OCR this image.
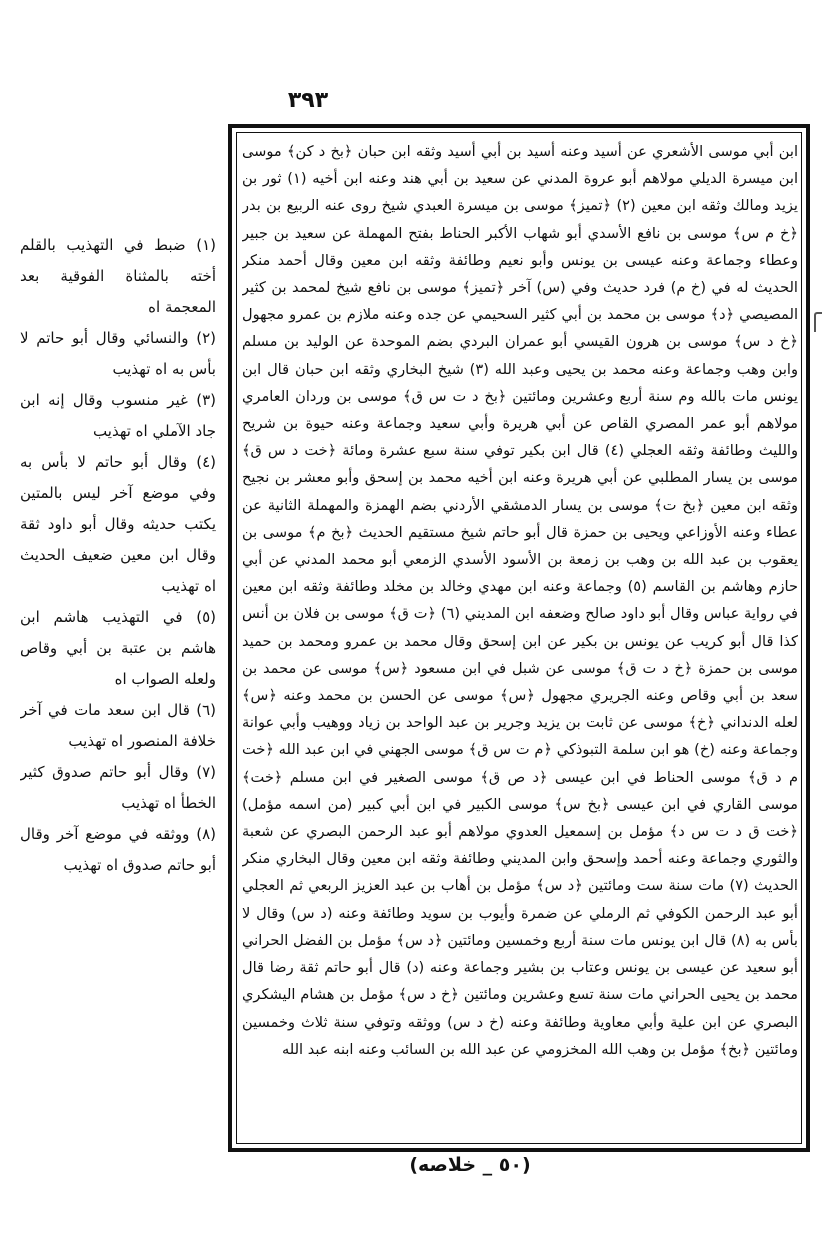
٣٩٣

(١) ضبط في التهذيب بالقلم أخته بالمثناة الفوقية بعد المعجمة اه

(٢) والنسائي وقال أبو حاتم لا بأس به اه تهذيب

(٣) غير منسوب وقال إنه ابن جاد الآملي اه تهذيب

(٤) وقال أبو حاتم لا بأس به وفي موضع آخر ليس بالمتين يكتب حديثه وقال أبو داود ثقة وقال ابن معين ضعيف الحديث اه تهذيب

(٥) في التهذيب هاشم ابن هاشم بن عتبة بن أبي وقاص ولعله الصواب اه

(٦) قال ابن سعد مات في آخر خلافة المنصور اه تهذيب

(٧) وقال أبو حاتم صدوق كثير الخطأ اه تهذيب

(٨) ووثقه في موضع آخر وقال أبو حاتم صدوق اه تهذيب

ابن أبي موسى الأشعري عن أسيد وعنه أسيد بن أبي أسيد وثقه ابن حبان ﴿بخ د كن﴾ موسى ابن ميسرة الديلي مولاهم أبو عروة المدني عن سعيد بن أبي هند وعنه ابن أخيه (١) ثور بن يزيد ومالك وثقه ابن معين (٢) ﴿تميز﴾ موسى بن ميسرة العبدي شيخ روى عنه الربيع بن بدر ﴿خ م س﴾ موسى بن نافع الأسدي أبو شهاب الأكبر الحناط بفتح المهملة عن سعيد بن جبير وعطاء وجماعة وعنه عيسى بن يونس وأبو نعيم وطائفة وثقه ابن معين وقال أحمد منكر الحديث له في (خ م) فرد حديث وفي (س) آخر ﴿تميز﴾ موسى بن نافع شيخ لمحمد بن كثير المصيصي ﴿د﴾ موسى بن محمد بن أبي كثير السحيمي عن جده وعنه ملازم بن عمرو مجهول ﴿خ د س﴾ موسى بن هرون القيسي أبو عمران البردي بضم الموحدة عن الوليد بن مسلم وابن وهب وجماعة وعنه محمد بن يحيى وعبد الله (٣) شيخ البخاري وثقه ابن حبان قال ابن يونس مات بالله وم سنة أربع وعشرين ومائتين ﴿بخ د ت س ق﴾ موسى بن وردان العامري مولاهم أبو عمر المصري القاص عن أبي هريرة وأبي سعيد وجماعة وعنه حيوة بن شريح والليث وطائفة وثقه العجلي (٤) قال ابن بكير توفي سنة سبع عشرة ومائة ﴿خت د س ق﴾ موسى بن يسار المطلبي عن أبي هريرة وعنه ابن أخيه محمد بن إسحق وأبو معشر بن نجيح وثقه ابن معين ﴿بخ ت﴾ موسى بن يسار الدمشقي الأردني بضم الهمزة والمهملة الثانية عن عطاء وعنه الأوزاعي ويحيى بن حمزة قال أبو حاتم شيخ مستقيم الحديث ﴿بخ م﴾ موسى بن يعقوب بن عبد الله بن وهب بن زمعة بن الأسود الأسدي الزمعي أبو محمد المدني عن أبي حازم وهاشم بن القاسم (٥) وجماعة وعنه ابن مهدي وخالد بن مخلد وطائفة وثقه ابن معين في رواية عباس وقال أبو داود صالح وضعفه ابن المديني (٦) ﴿ت ق﴾ موسى بن فلان بن أنس كذا قال أبو كريب عن يونس بن بكير عن ابن إسحق وقال محمد بن عمرو ومحمد بن حميد موسى بن حمزة ﴿خ د ت ق﴾ موسى عن شبل في ابن مسعود ﴿س﴾ موسى عن محمد بن سعد بن أبي وقاص وعنه الجريري مجهول ﴿س﴾ موسى عن الحسن بن محمد وعنه ﴿س﴾ لعله الدنداني ﴿خ﴾ موسى عن ثابت بن يزيد وجرير بن عبد الواحد بن زياد ووهيب وأبي عوانة وجماعة وعنه (خ) هو ابن سلمة التبوذكي ﴿م ت س ق﴾ موسى الجهني في ابن عبد الله ﴿خت م د ق﴾ موسى الحناط في ابن عيسى ﴿د ص ق﴾ موسى الصغير في ابن مسلم ﴿خت﴾ موسى القاري في ابن عيسى ﴿بخ س﴾ موسى الكبير في ابن أبي كبير (من اسمه مؤمل) ﴿خت ق د ت س د﴾ مؤمل بن إسمعيل العدوي مولاهم أبو عبد الرحمن البصري عن شعبة والثوري وجماعة وعنه أحمد وإسحق وابن المديني وطائفة وثقه ابن معين وقال البخاري منكر الحديث (٧) مات سنة ست ومائتين ﴿د س﴾ مؤمل بن أهاب بن عبد العزيز الربعي ثم العجلي أبو عبد الرحمن الكوفي ثم الرملي عن ضمرة وأيوب بن سويد وطائفة وعنه (د س) وقال لا بأس به (٨) قال ابن يونس مات سنة أربع وخمسين ومائتين ﴿د س﴾ مؤمل بن الفضل الحراني أبو سعيد عن عيسى بن يونس وعتاب بن بشير وجماعة وعنه (د) قال أبو حاتم ثقة رضا قال محمد بن يحيى الحراني مات سنة تسع وعشرين ومائتين ﴿خ د س﴾ مؤمل بن هشام اليشكري البصري عن ابن علية وأبي معاوية وطائفة وعنه (خ د س) ووثقه وتوفي سنة ثلاث وخمسين ومائتين ﴿بخ﴾ مؤمل بن وهب الله المخزومي عن عبد الله بن السائب وعنه ابنه عبد الله

(٥٠ _ خلاصه)
